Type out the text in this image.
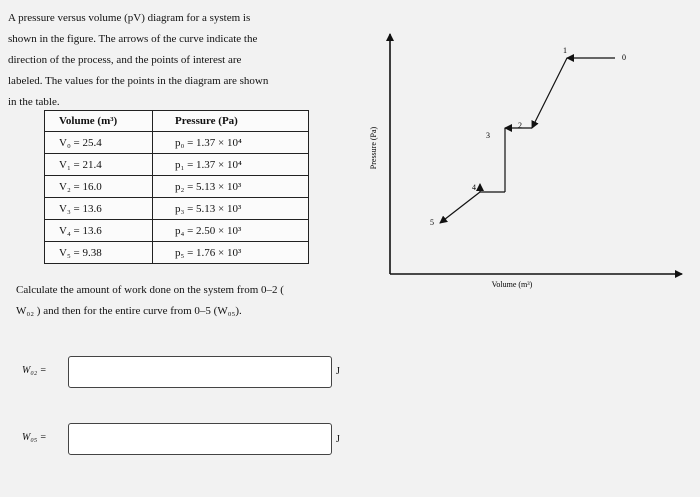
A pressure versus volume (pV) diagram for a system is
shown in the figure. The arrows of the curve indicate the
direction of the process, and the points of interest are
labeled. The values for the points in the diagram are shown
in the table.
Volume (m³)	Pressure (Pa)
V₀ = 25.4	p₀ = 1.37 × 10⁴
V₁ = 21.4	p₁ = 1.37 × 10⁴
V₂ = 16.0	p₂ = 5.13 × 10³
V₃ = 13.6	p₃ = 5.13 × 10³
V₄ = 13.6	p₄ = 2.50 × 10³
V₅ = 9.38	p₅ = 1.76 × 10³
Calculate the amount of work done on the system from 0–2 (
W₀₂ ) and then for the entire curve from 0–5 (W₀₅).
W₀₂ =	J
W₀₅ =	J
Pressure (Pa)
Volume (m³)
0
1
2
3
4
5
